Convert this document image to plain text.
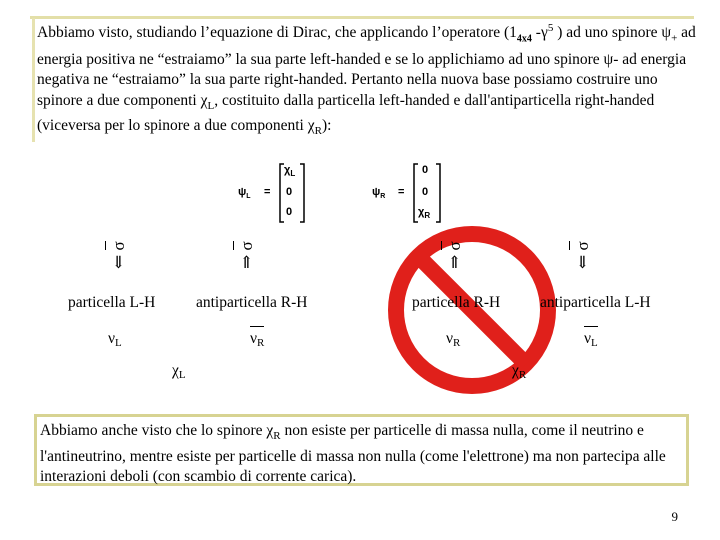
Abbiamo visto, studiando l’equazione di Dirac, che applicando l’operatore ($1_{4x4}$ $-\gamma^5$ ) ad uno spinore $\psi_+$ ad energia positiva ne “estraiamo” la sua parte left-handed e se lo applichiamo ad uno spinore ψ- ad energia negativa ne “estraiamo” la sua parte right-handed. Pertanto nella nuova base possiamo costruire uno spinore a due componenti $\chi_L$, costituito dalla particella left-handed e dall'antiparticella right-handed (viceversa per lo spinore a due componenti $\chi_R$):

$\psi_L$ =
$\chi_L$
0
0
$\psi_R$ =
0
0
$\chi_R$
⇐ σ
⇒ σ
⇒ σ
⇐ σ
particella L-H	antiparticella R-H	particella R-H	antiparticella L-H
$\nu_L$	$\nu_R$	$\nu_R$	$\nu_L$
$\chi_L$	$\chi_R$

Abbiamo anche visto che lo spinore $\chi_R$ non esiste per particelle di massa nulla, come il neutrino e l'antineutrino, mentre esiste per particelle di massa non nulla (come l'elettrone) ma non partecipa alle interazioni deboli (con scambio di corrente carica).

9
